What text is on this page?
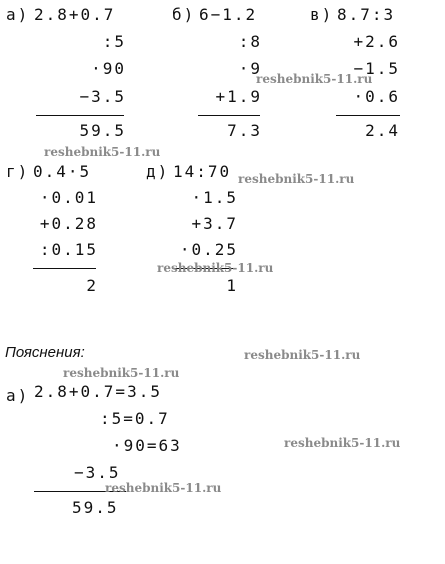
а) 2.8+0.7
:5
·90
−3.5
59.5
б) 6−1.2
:8
·9
+1.9
7.3
в) 8.7:3
+2.6
−1.5
·0.6
2.4
г) 0.4·5
·0.01
+0.28
:0.15
2
д) 14:70
·1.5
+3.7
·0.25
1
Пояснения:
а) 2.8+0.7=3.5
:5=0.7
·90=63
−3.5
59.5
reshebnik5-11.ru
reshebnik5-11.ru
reshebnik5-11.ru
reshebnik5-11.ru
reshebnik5-11.ru
reshebnik5-11.ru
reshebnik5-11.ru
reshebnik5-11.ru
